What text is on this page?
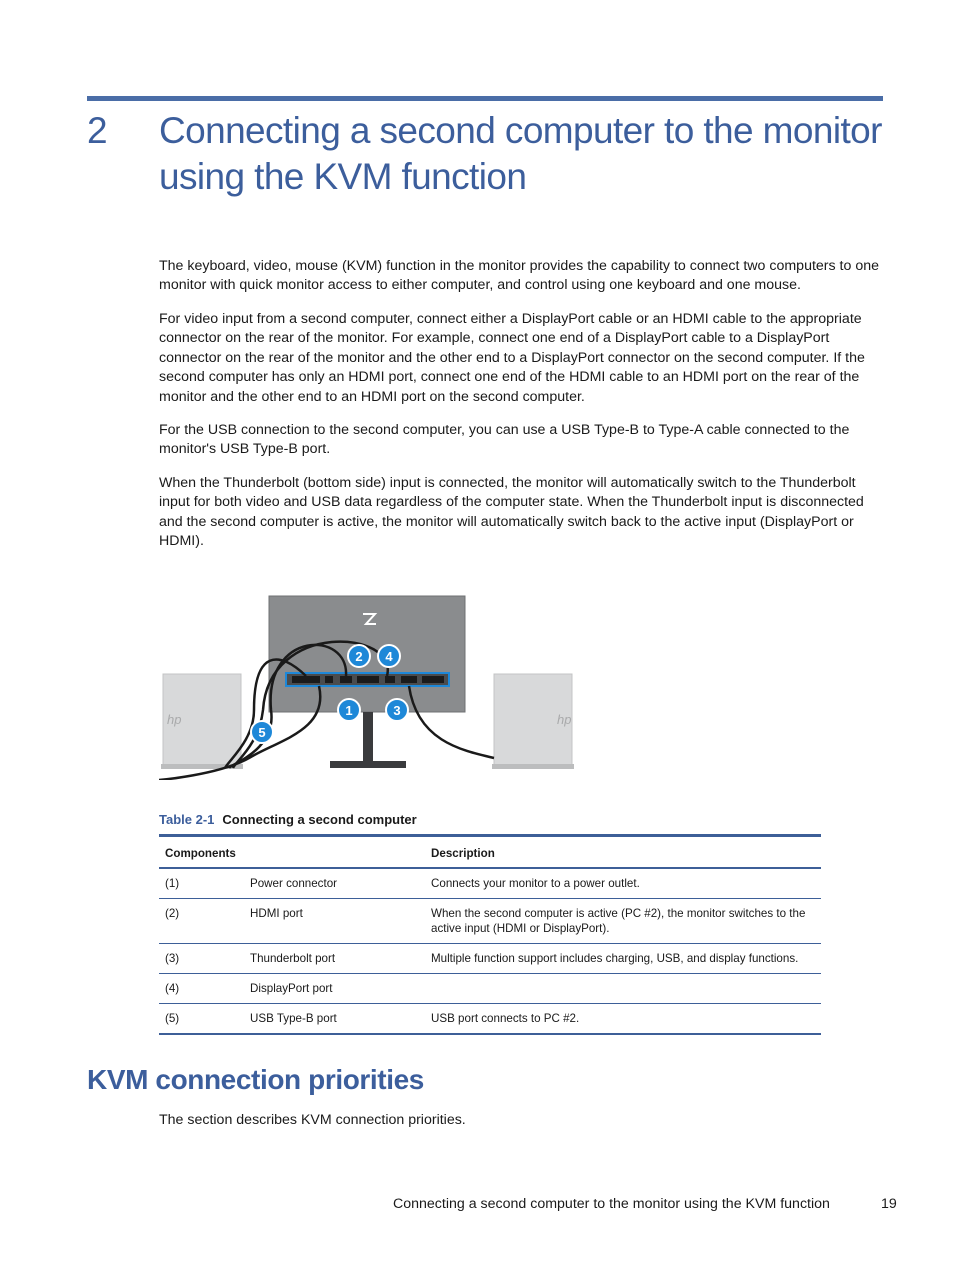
2 Connecting a second computer to the monitor using the KVM function

The keyboard, video, mouse (KVM) function in the monitor provides the capability to connect two computers to one monitor with quick monitor access to either computer, and control using one keyboard and one mouse.

For video input from a second computer, connect either a DisplayPort cable or an HDMI cable to the appropriate connector on the rear of the monitor. For example, connect one end of a DisplayPort cable to a DisplayPort connector on the rear of the monitor and the other end to a DisplayPort connector on the second computer. If the second computer has only an HDMI port, connect one end of the HDMI cable to an HDMI port on the rear of the monitor and the other end to an HDMI port on the second computer.

For the USB connection to the second computer, you can use a USB Type-B to Type-A cable connected to the monitor's USB Type-B port.

When the Thunderbolt (bottom side) input is connected, the monitor will automatically switch to the Thunderbolt input for both video and USB data regardless of the computer state. When the Thunderbolt input is disconnected and the second computer is active, the monitor will automatically switch back to the active input (DisplayPort or HDMI).

hp	hp
1
2
3
4
5
Table 2-1 Connecting a second computer
Components		Description
(1)	Power connector	Connects your monitor to a power outlet.
(2)	HDMI port	When the second computer is active (PC #2), the monitor switches to the active input (HDMI or DisplayPort).
(3)	Thunderbolt port	Multiple function support includes charging, USB, and display functions.
(4)	DisplayPort port	
(5)	USB Type-B port	USB port connects to PC #2.
KVM connection priorities

The section describes KVM connection priorities.

Connecting a second computer to the monitor using the KVM function	19
